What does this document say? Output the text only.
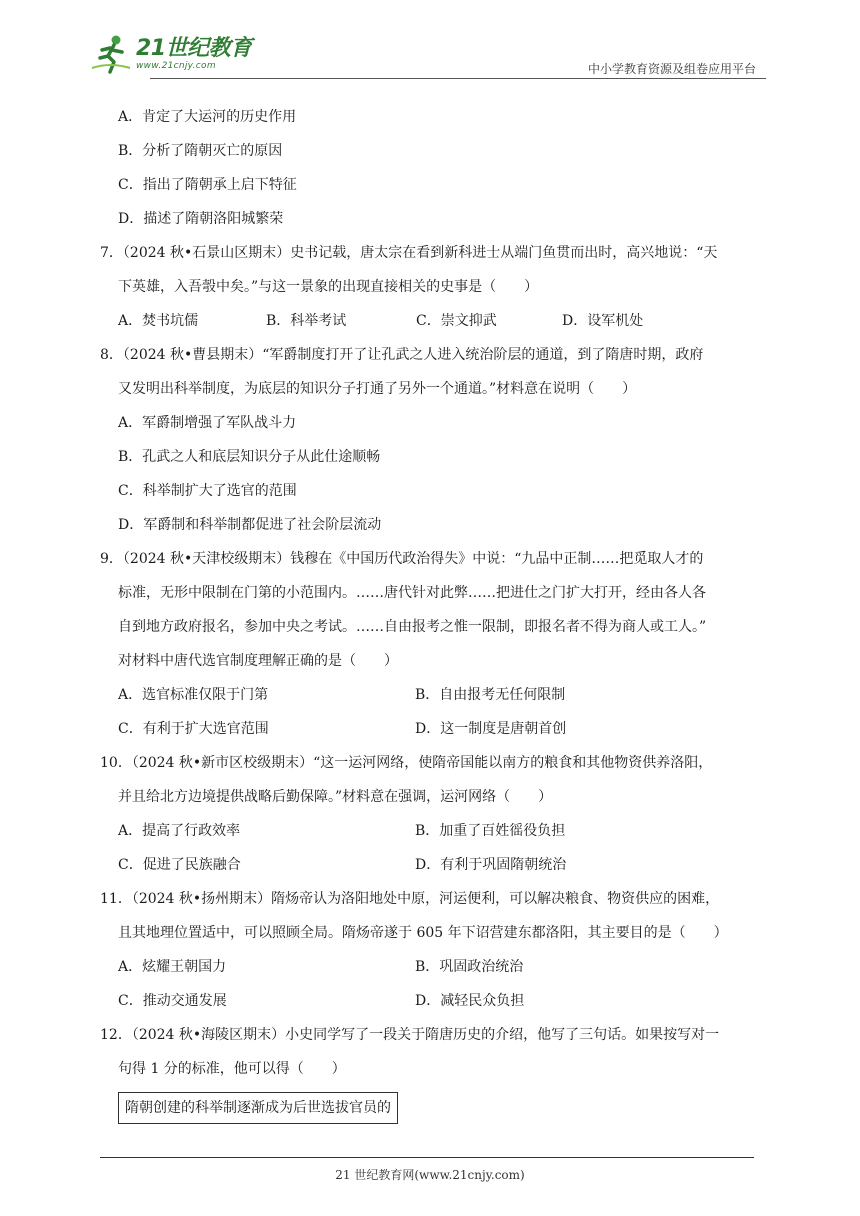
21世纪教育
www.21cnjy.com	中小学教育资源及组卷应用平台
A．肯定了大运河的历史作用
B．分析了隋朝灭亡的原因
C．指出了隋朝承上启下特征
D．描述了隋朝洛阳城繁荣
7．（2024 秋•石景山区期末）史书记载，唐太宗在看到新科进士从端门鱼贯而出时，高兴地说：“天
下英雄，入吾彀中矣。”与这一景象的出现直接相关的史事是（　　）
A．焚书坑儒	B．科举考试	C．崇文抑武	D．设军机处
8．（2024 秋•曹县期末）“军爵制度打开了让孔武之人进入统治阶层的通道，到了隋唐时期，政府
又发明出科举制度，为底层的知识分子打通了另外一个通道。”材料意在说明（　　）
A．军爵制增强了军队战斗力
B．孔武之人和底层知识分子从此仕途顺畅
C．科举制扩大了选官的范围
D．军爵制和科举制都促进了社会阶层流动
9．（2024 秋•天津校级期末）钱穆在《中国历代政治得失》中说：“九品中正制……把觅取人才的
标准，无形中限制在门第的小范围内。……唐代针对此弊……把进仕之门扩大打开，经由各人各
自到地方政府报名，参加中央之考试。……自由报考之惟一限制，即报名者不得为商人或工人。”
对材料中唐代选官制度理解正确的是（　　）
A．选官标准仅限于门第	B．自由报考无任何限制
C．有利于扩大选官范围	D．这一制度是唐朝首创
10．（2024 秋•新市区校级期末）“这一运河网络，使隋帝国能以南方的粮食和其他物资供养洛阳，
并且给北方边境提供战略后勤保障。”材料意在强调，运河网络（　　）
A．提高了行政效率	B．加重了百姓徭役负担
C．促进了民族融合	D．有利于巩固隋朝统治
11．（2024 秋•扬州期末）隋炀帝认为洛阳地处中原，河运便利，可以解决粮食、物资供应的困难，
且其地理位置适中，可以照顾全局。隋炀帝遂于 605 年下诏营建东都洛阳，其主要目的是（　　）
A．炫耀王朝国力	B．巩固政治统治
C．推动交通发展	D．减轻民众负担
12．（2024 秋•海陵区期末）小史同学写了一段关于隋唐历史的介绍，他写了三句话。如果按写对一
句得 1 分的标准，他可以得（　　）
隋朝创建的科举制逐渐成为后世选拔官员的
21 世纪教育网(www.21cnjy.com)
